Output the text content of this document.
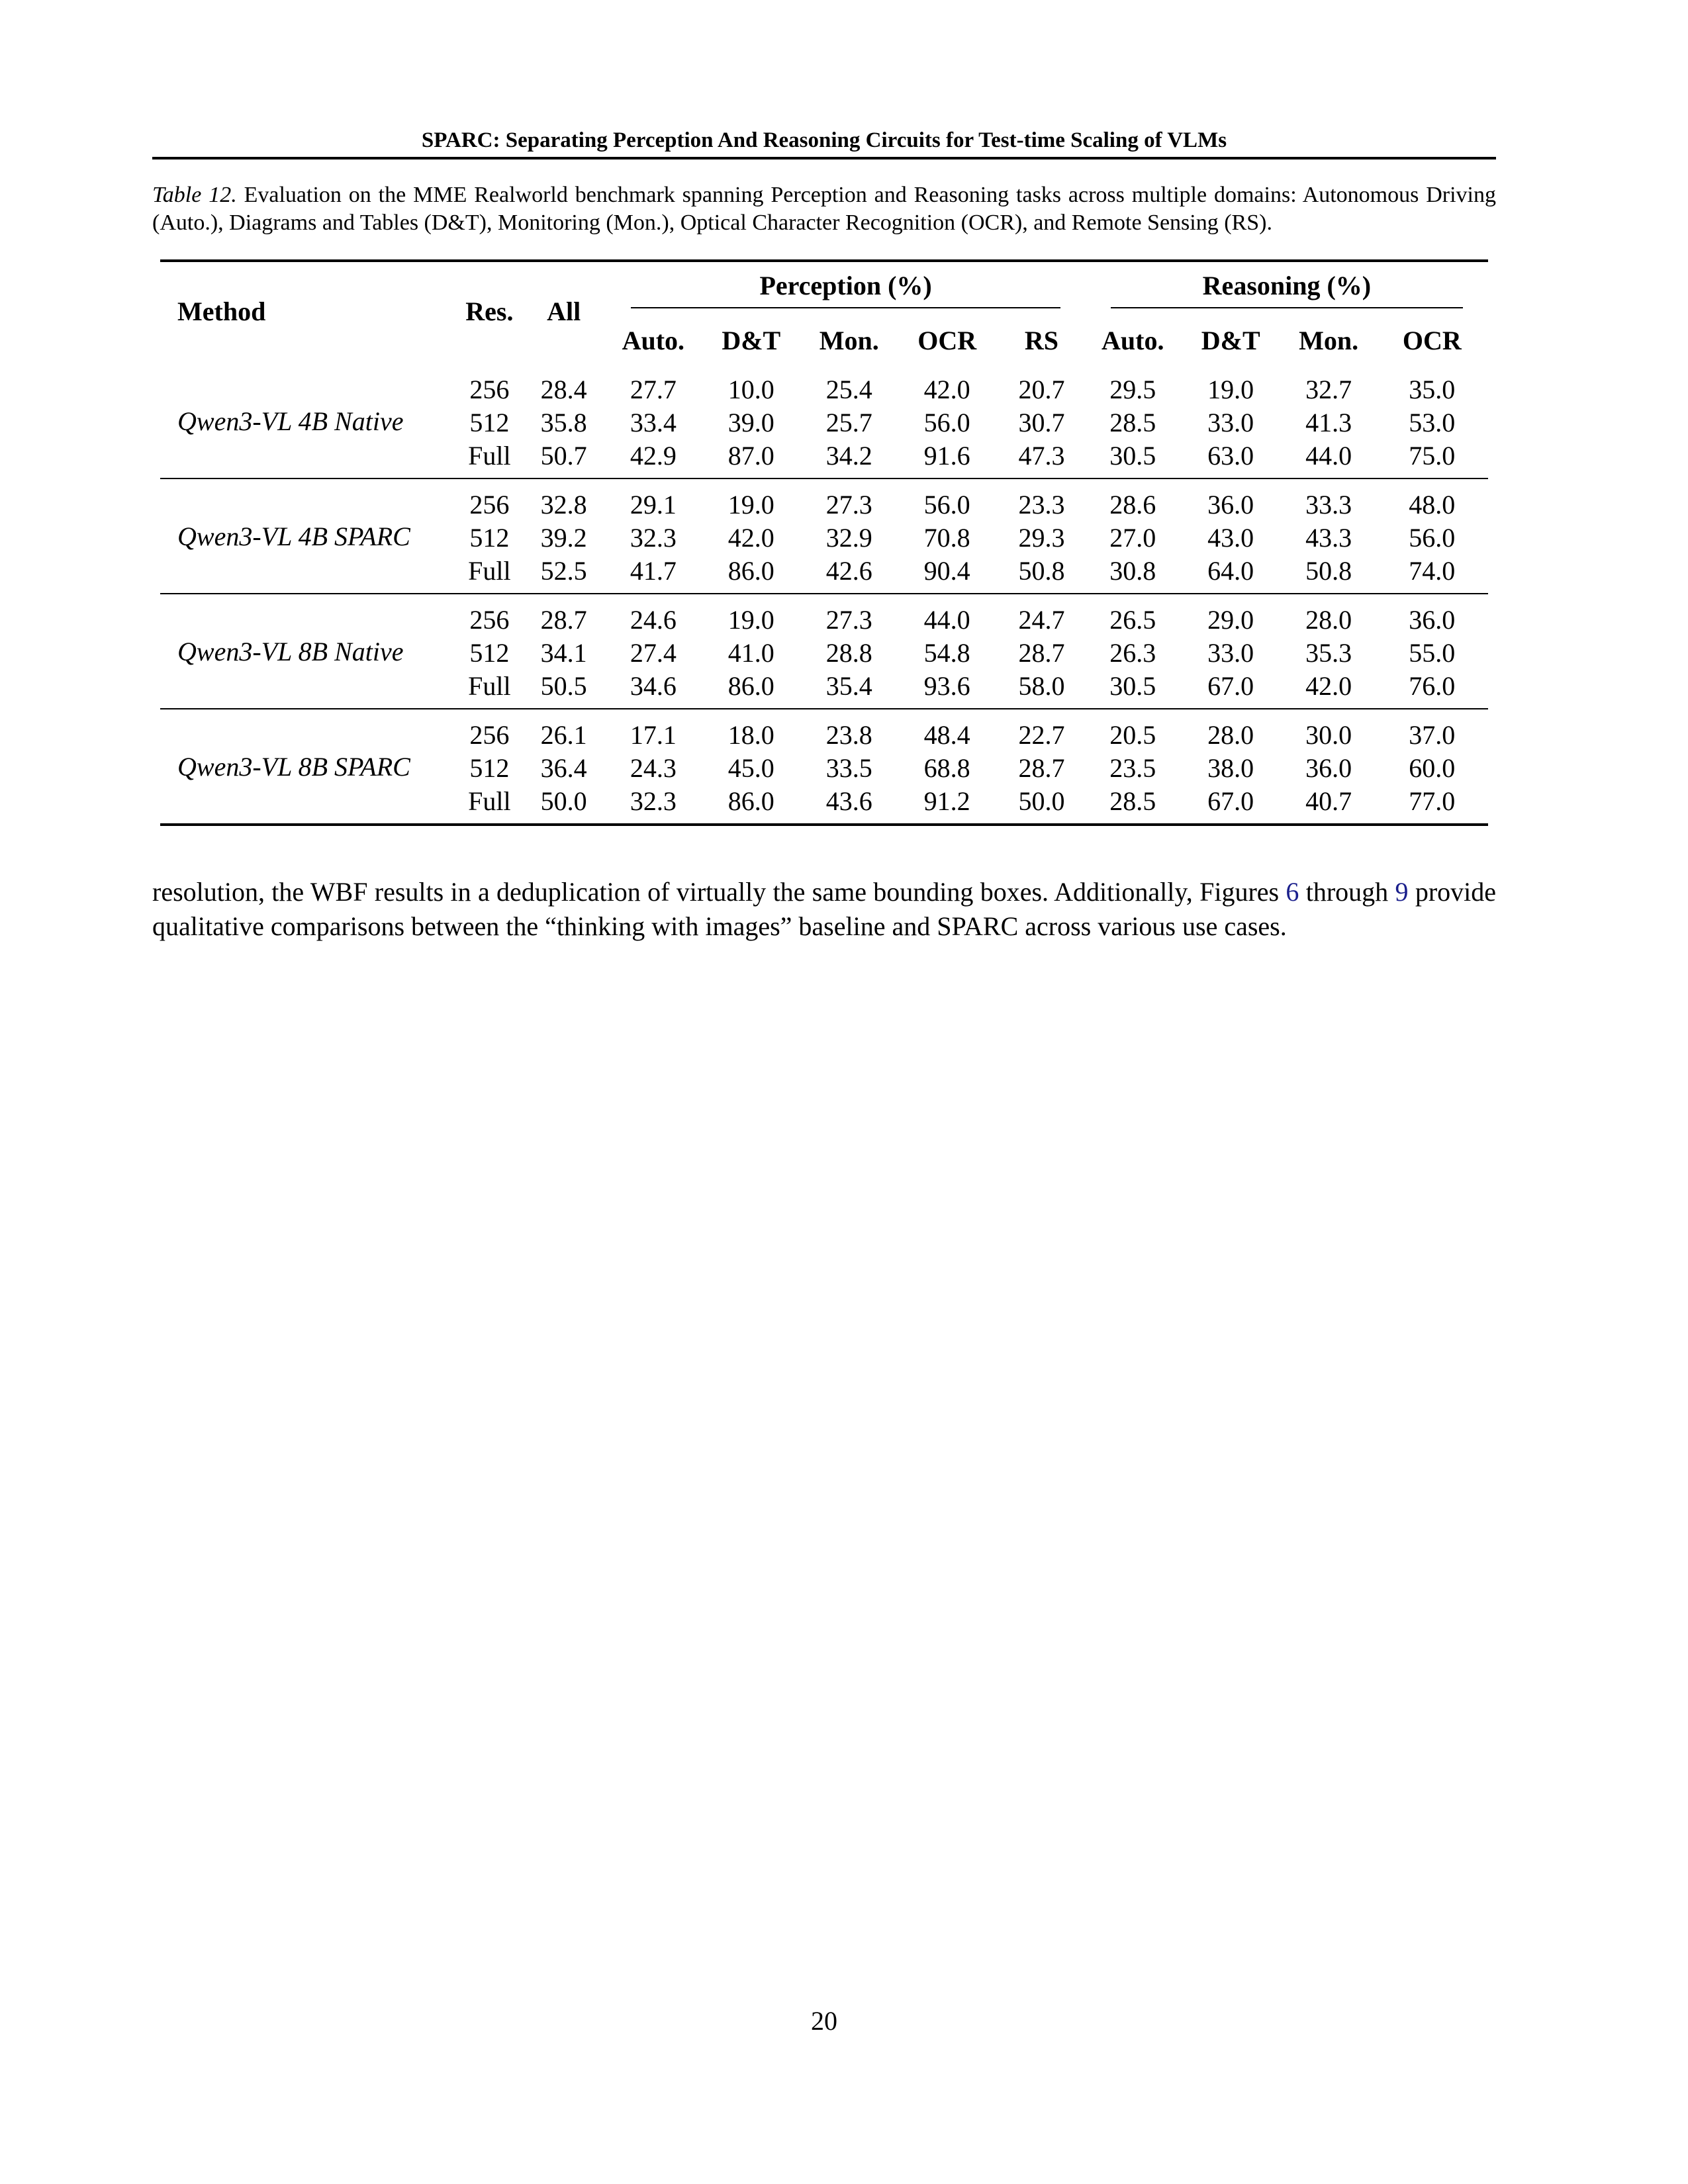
SPARC: Separating Perception And Reasoning Circuits for Test-time Scaling of VLMs
Table 12. Evaluation on the MME Realworld benchmark spanning Perception and Reasoning tasks across multiple domains: Autonomous Driving (Auto.), Diagrams and Tables (D&T), Monitoring (Mon.), Optical Character Recognition (OCR), and Remote Sensing (RS).
Method	Res.	All	Perception (%)					Reasoning (%)			

			Auto.	D&T	Mon.	OCR	RS	Auto.	D&T	Mon.	OCR
Qwen3-VL 4B Native	256	28.4	27.7	10.0	25.4	42.0	20.7	29.5	19.0	32.7	35.0
	512	35.8	33.4	39.0	25.7	56.0	30.7	28.5	33.0	41.3	53.0
	Full	50.7	42.9	87.0	34.2	91.6	47.3	30.5	63.0	44.0	75.0
Qwen3-VL 4B SPARC	256	32.8	29.1	19.0	27.3	56.0	23.3	28.6	36.0	33.3	48.0
	512	39.2	32.3	42.0	32.9	70.8	29.3	27.0	43.0	43.3	56.0
	Full	52.5	41.7	86.0	42.6	90.4	50.8	30.8	64.0	50.8	74.0
Qwen3-VL 8B Native	256	28.7	24.6	19.0	27.3	44.0	24.7	26.5	29.0	28.0	36.0
	512	34.1	27.4	41.0	28.8	54.8	28.7	26.3	33.0	35.3	55.0
	Full	50.5	34.6	86.0	35.4	93.6	58.0	30.5	67.0	42.0	76.0
Qwen3-VL 8B SPARC	256	26.1	17.1	18.0	23.8	48.4	22.7	20.5	28.0	30.0	37.0
	512	36.4	24.3	45.0	33.5	68.8	28.7	23.5	38.0	36.0	60.0
	Full	50.0	32.3	86.0	43.6	91.2	50.0	28.5	67.0	40.7	77.0
resolution, the WBF results in a deduplication of virtually the same bounding boxes. Additionally, Figures 6 through 9 provide qualitative comparisons between the “thinking with images” baseline and SPARC across various use cases.
20
